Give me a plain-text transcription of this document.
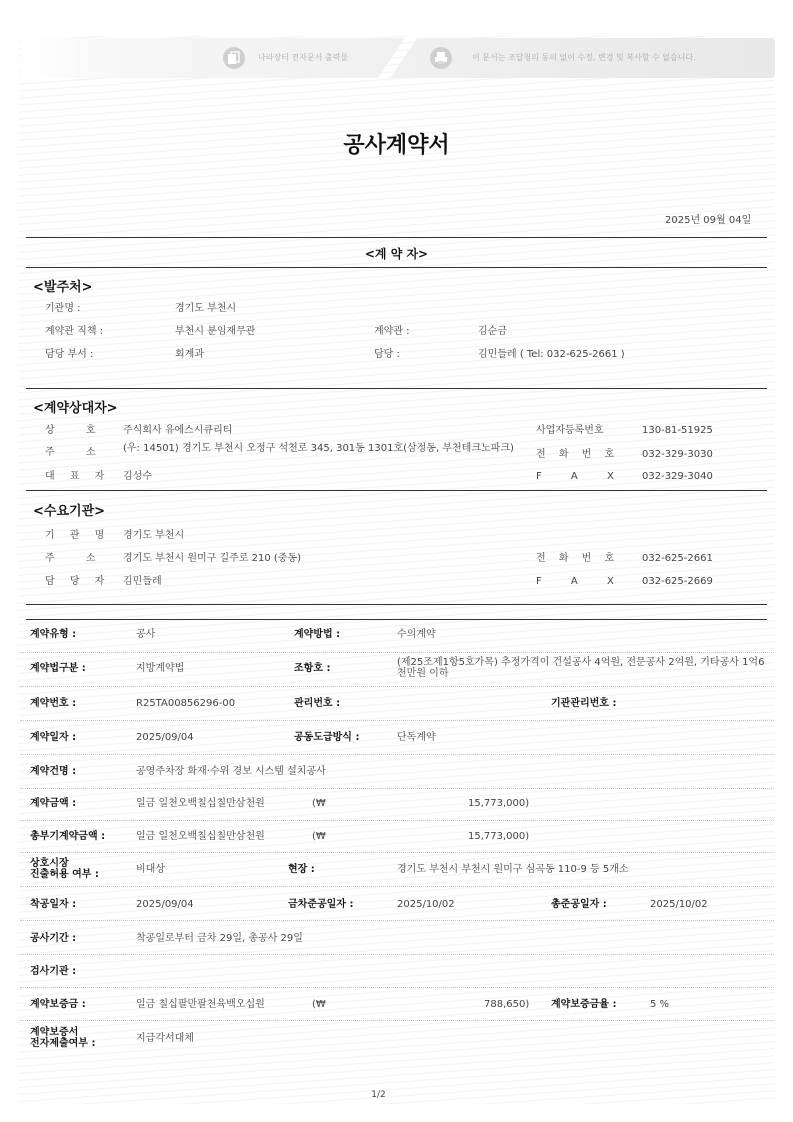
나라장터 전자문서 출력물	이 문서는 조달청의 동의 없이 수정, 변경 및 복사할 수 없습니다.
공사계약서
2025년 09월 04일
<계 약 자>
<발주처>
기관명 :	경기도 부천시
계약관 직책 :	부천시 분임재무관	계약관 :	김순금
담당 부서 :	회계과	담당 :	김민들레 ( Tel: 032-625-2661 )
<계약상대자>
상 호 주식회사 유에스시큐리티	사업자등록번호	130-81-51925
주 소 (우: 14501) 경기도 부천시 오정구 석천로 345, 301동 1301호(삼정동, 부천테크노파크)
전 화 번 호 032-329-3030
대 표 자 김성수	F A X	032-329-3040
<수요기관>
기 관 명 경기도 부천시
주 소 경기도 부천시 원미구 길주로 210 (중동)	전 화 번 호 032-625-2661
담 당 자 김민들레	F A X	032-625-2669
계약유형 :	공사	계약방법 :	수의계약
계약법구분 :	지방계약법	조항호 :
(제25조제1항5호가목) 추정가격이 건설공사 4억원, 전문공사 2억원, 기타공사 1억6천만원 이하
계약번호 :	R25TA00856296-00	관리번호 :	기관관리번호 :
계약일자 :	2025/09/04	공동도급방식 :	단독계약
계약건명 :	공영주차장 화재·수위 경보 시스템 설치공사
계약금액 :	일금 일천오백칠십칠만삼천원	(₩	15,773,000)
총부기계약금액 :	일금 일천오백칠십칠만삼천원	(₩	15,773,000)
상호시장
진출허용 여부 :	비대상	현장 :	경기도 부천시 부천시 원미구 심곡동 110-9 등 5개소
착공일자 :	2025/09/04	금차준공일자 :	2025/10/02	총준공일자 :	2025/10/02
공사기간 :	착공일로부터 금차 29일, 총공사 29일
검사기관 :
계약보증금 :	일금 칠십팔만팔천육백오십원	(₩	788,650) 계약보증금율 :	5 %
계약보증서
전자제출여부 :	지급각서대체
1/2
